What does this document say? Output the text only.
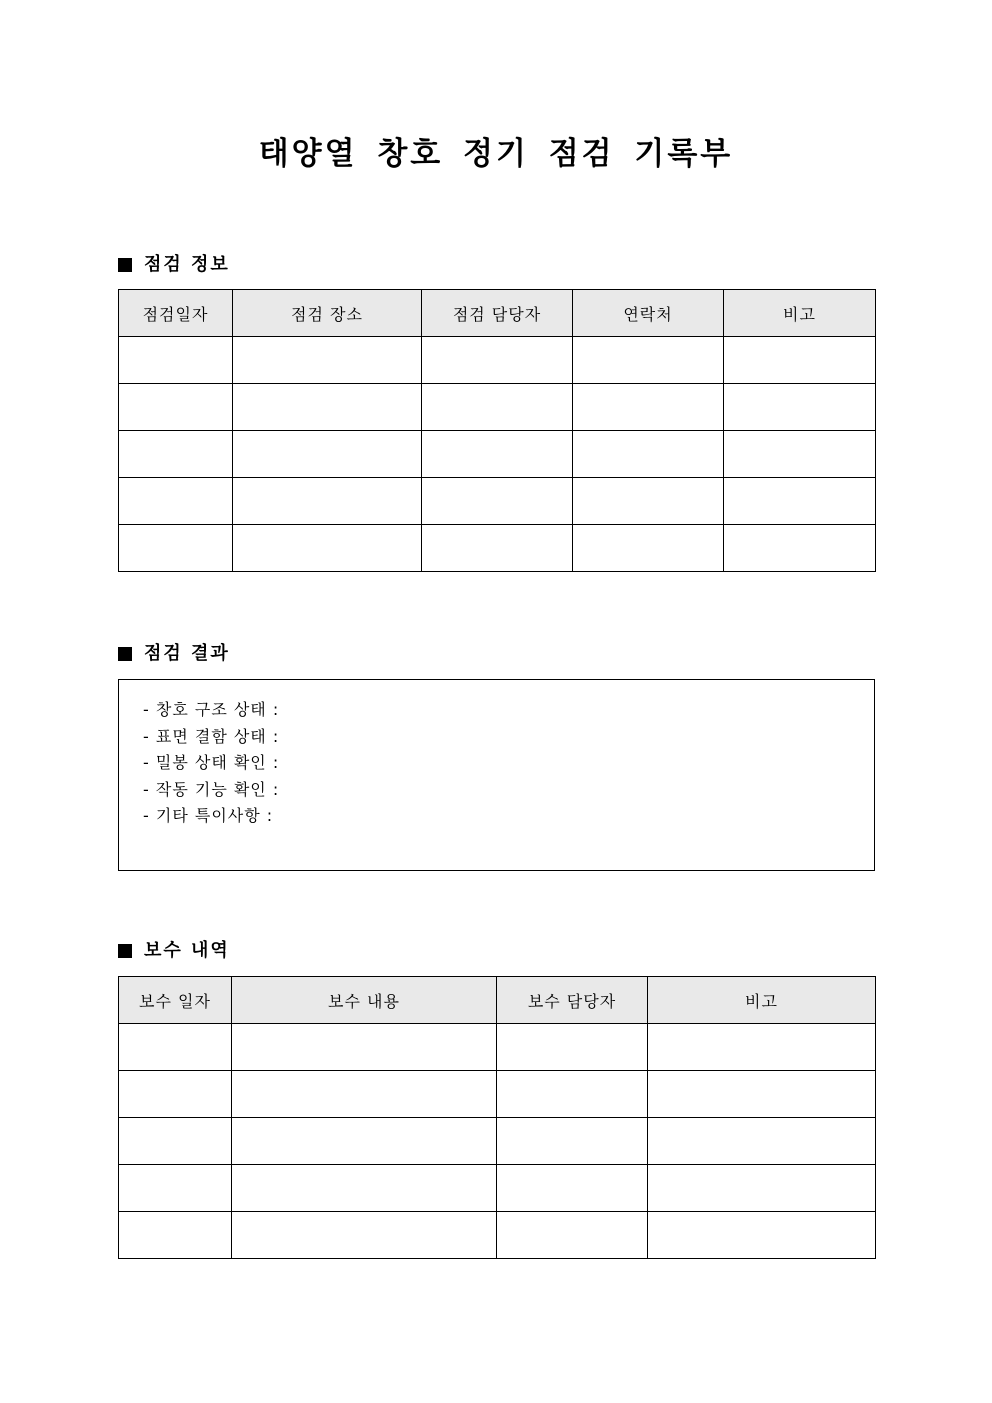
태양열 창호 정기 점검 기록부
점검 정보
점검일자	점검 장소	점검 담당자	연락처	비고

점검 결과
- 창호 구조 상태 :
- 표면 결함 상태 :
- 밀봉 상태 확인 :
- 작동 기능 확인 :
- 기타 특이사항 :
보수 내역
보수 일자	보수 내용	보수 담당자	비고
